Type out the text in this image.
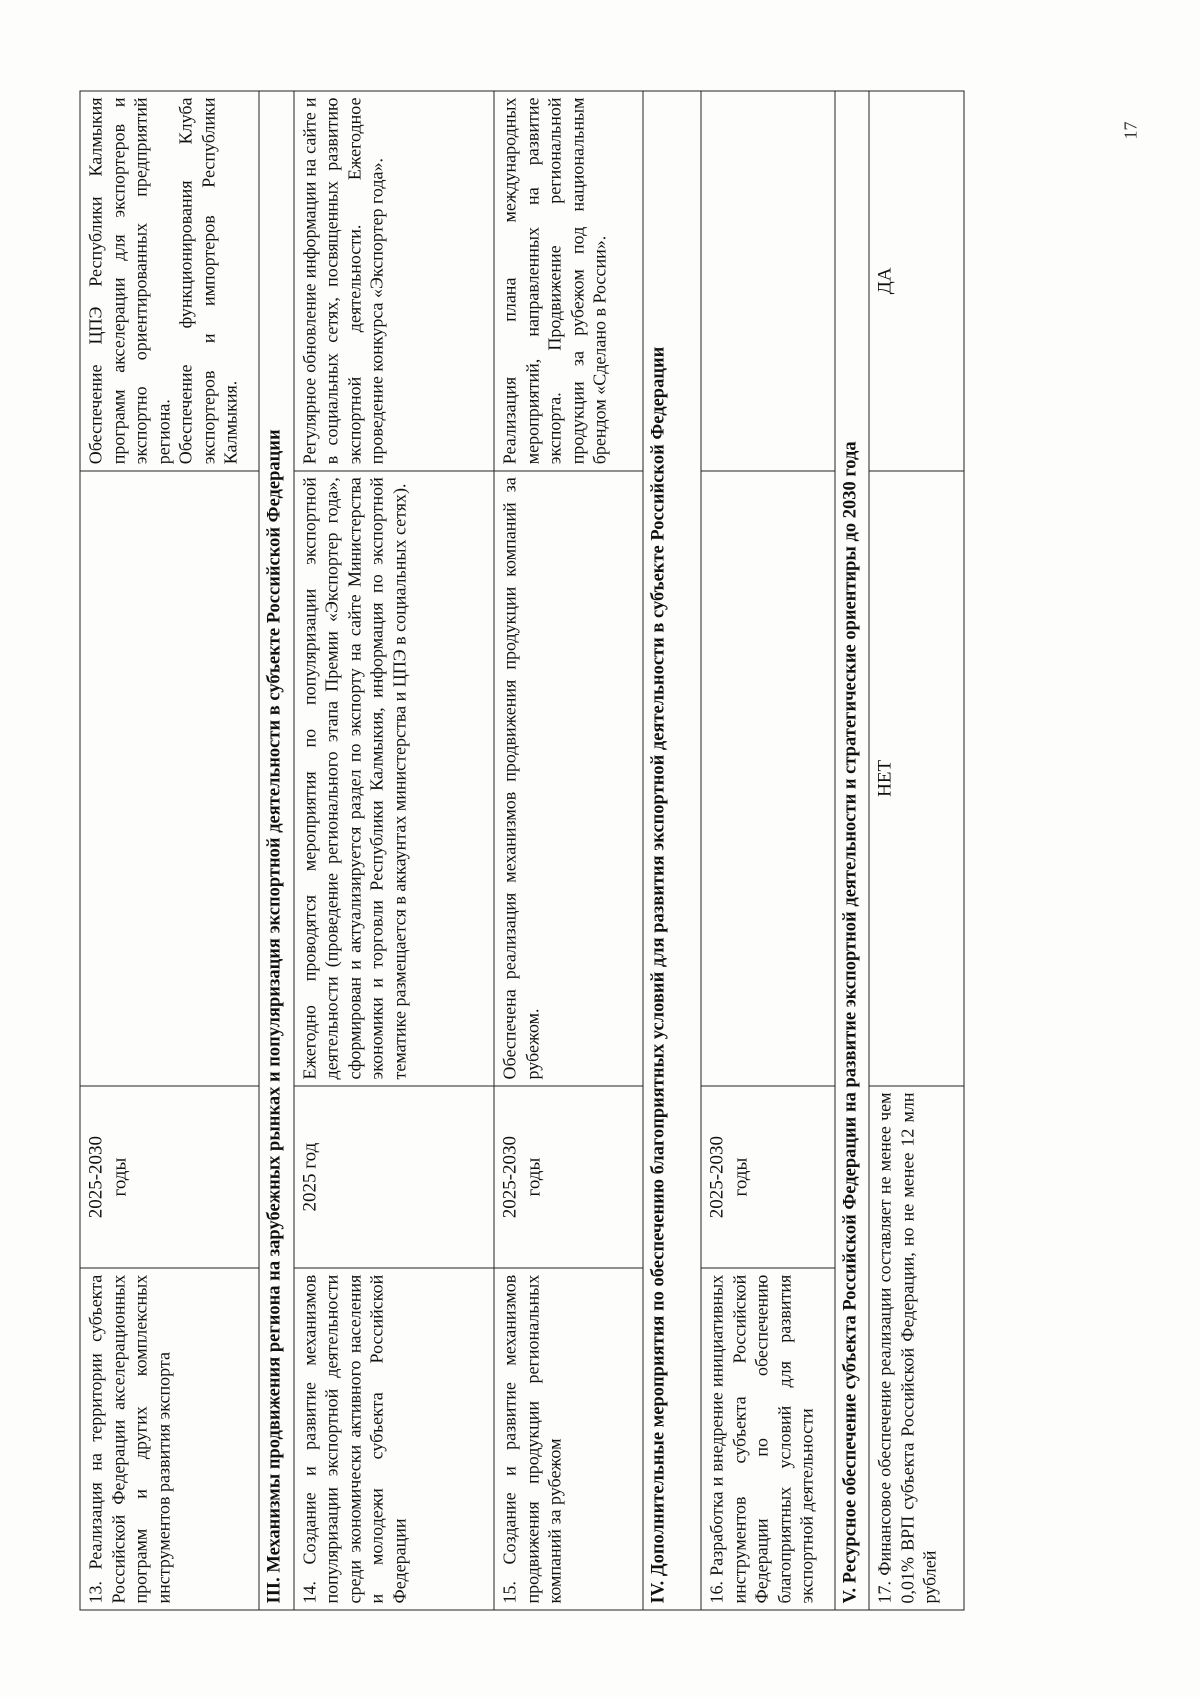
13. Реализация на территории субъекта Российской Федерации акселерационных программ и других комплексных инструментов развития экспорта	2025-2030
годы		Обеспечение ЦПЭ Республики Калмыкия программ акселерации для экспортеров и экспортно ориентированных предприятий региона.
Обеспечение функционирования Клуба экспортеров и импортеров Республики Калмыкия.
III. Механизмы продвижения региона на зарубежных рынках и популяризация экспортной деятельности в субъекте Российской Федерации			
14. Создание и развитие механизмов популяризации экспортной деятельности среди экономически активного населения и молодежи субъекта Российской Федерации	2025 год	Ежегодно проводятся мероприятия по популяризации экспортной деятельности (проведение регионального этапа Премии «Экспортер года», сформирован и актуализируется раздел по экспорту на сайте Министерства экономики и торговли Республики Калмыкия, информация по экспортной тематике размещается в аккаунтах министерства и ЦПЭ в социальных сетях).	Регулярное обновление информации на сайте и в социальных сетях, посвященных развитию экспортной деятельности. Ежегодное проведение конкурса «Экспортер года».
15. Создание и развитие механизмов продвижения продукции региональных компаний за рубежом	2025-2030
годы	Обеспечена реализация механизмов продвижения продукции компаний за рубежом.	Реализация плана международных мероприятий, направленных на развитие экспорта. Продвижение региональной продукции за рубежом под национальным брендом «Сделано в России».
IV. Дополнительные мероприятия по обеспечению благоприятных условий для развития экспортной деятельности в субъекте Российской Федерации			
16. Разработка и внедрение инициативных инструментов субъекта Российской Федерации по обеспечению благоприятных условий для развития экспортной деятельности	2025-2030
годы		
V. Ресурсное обеспечение субъекта Российской Федерации на развитие экспортной деятельности и стратегические ориентиры до 2030 года			
17. Финансовое обеспечение реализации составляет не менее чем 0,01% ВРП субъекта Российской Федерации, но не менее 12 млн рублей		НЕТ	ДА
17
